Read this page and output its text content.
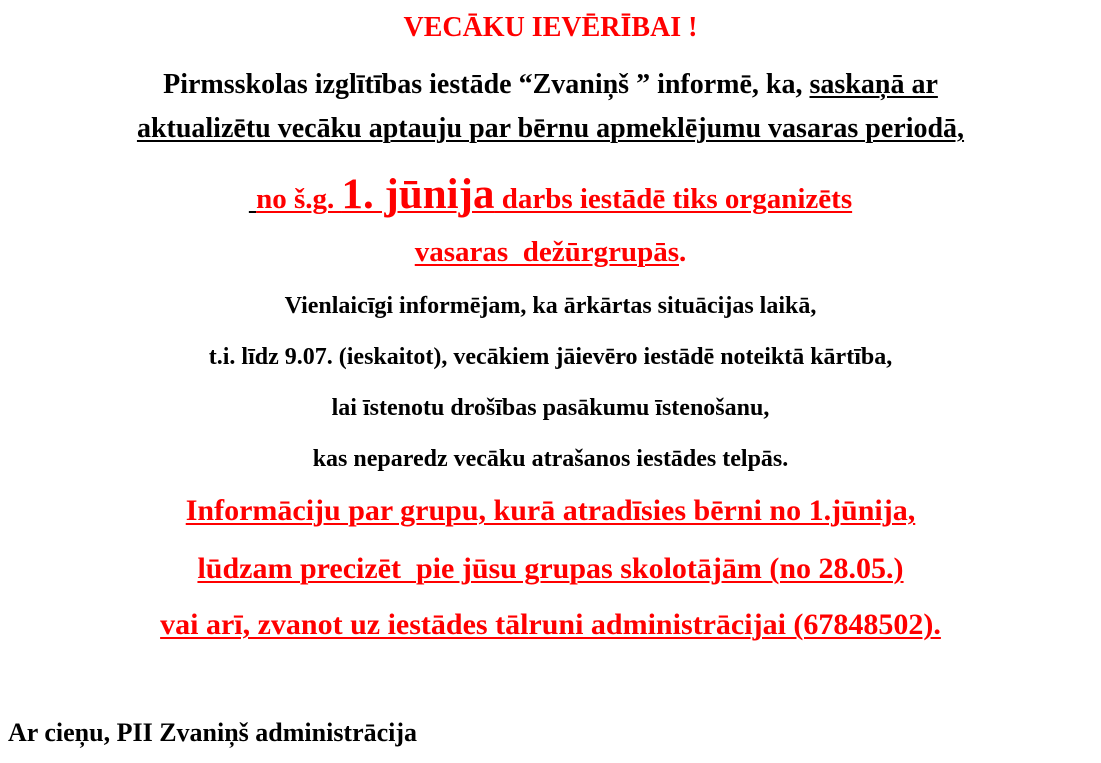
VECĀKU IEVĒRĪBAI !
Pirmsskolas izglītības iestāde “Zvaniņš ” informē, ka, saskaņā ar
aktualizētu vecāku aptauju par bērnu apmeklējumu vasaras periodā,
no š.g. 1. jūnija darbs iestādē tiks organizēts
vasaras  dežūrgrupās.
Vienlaicīgi informējam, ka ārkārtas situācijas laikā,
t.i. līdz 9.07. (ieskaitot), vecākiem jāievēro iestādē noteiktā kārtība,
lai īstenotu drošības pasākumu īstenošanu,
kas neparedz vecāku atrašanos iestādes telpās.
Informāciju par grupu, kurā atradīsies bērni no 1.jūnija,
lūdzam precizēt  pie jūsu grupas skolotājām (no 28.05.)
vai arī, zvanot uz iestādes tālruni administrācijai (67848502).
Ar cieņu, PII Zvaniņš administrācija
